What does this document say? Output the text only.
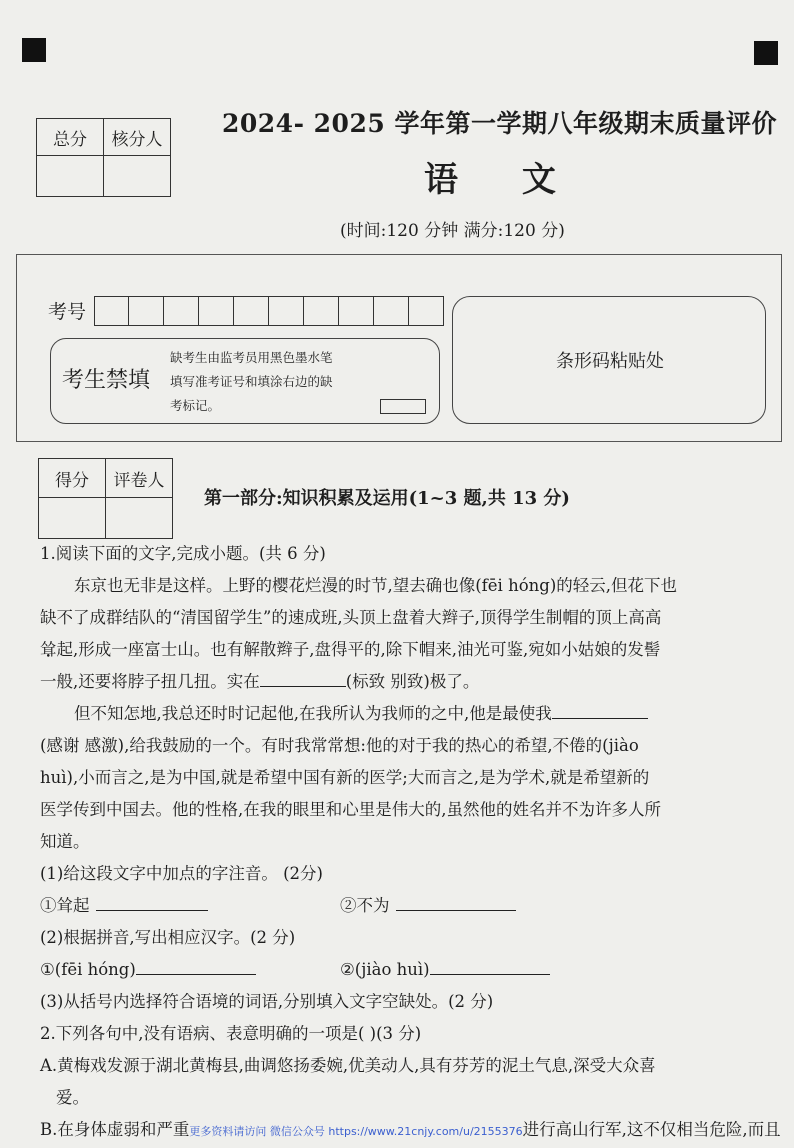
总分	核分人

2024- 2025 学年第一学期八年级期末质量评价
语 文
(时间:120 分钟 满分:120 分)
考号
考生禁填
缺考生由监考员用黑色墨水笔
填写准考证号和填涂右边的缺
考标记。
条形码粘贴处
得分	评卷人

第一部分:知识积累及运用(1~3 题,共 13 分)
1.阅读下面的文字,完成小题。(共 6 分)
东京也无非是这样。上野的樱花烂漫的时节,望去确也像(fēi hóng)的轻云,但花下也
缺不了成群结队的“清国留学生”的速成班,头顶上盘着大辫子,顶得学生制帽的顶上高高
耸起,形成一座富士山。也有解散辫子,盘得平的,除下帽来,油光可鉴,宛如小姑娘的发髻
一般,还要将脖子扭几扭。实在	(标致 别致)极了。
但不知怎地,我总还时时记起他,在我所认为我师的之中,他是最使我
(感谢 感激),给我鼓励的一个。有时我常常想:他的对于我的热心的希望,不倦的(jiào
huì),小而言之,是为中国,就是希望中国有新的医学;大而言之,是为学术,就是希望新的
医学传到中国去。他的性格,在我的眼里和心里是伟大的,虽然他的姓名并不为许多人所
知道。
(1)给这段文字中加点的字注音。 (2分)
①耸起	②不为
(2)根据拼音,写出相应汉字。(2 分)
①(fēi hóng)	②(jiào huì)
(3)从括号内选择符合语境的词语,分别填入文字空缺处。(2 分)
2.下列各句中,没有语病、表意明确的一项是( )(3 分)
A.黄梅戏发源于湖北黄梅县,曲调悠扬委婉,优美动人,具有芬芳的泥土气息,深受大众喜
爱。
B.在身体虚弱和严重更多资料请访问 微信公众号 https://www.21cnjy.com/u/2155376进行高山行军,这不仅相当危险,而且
